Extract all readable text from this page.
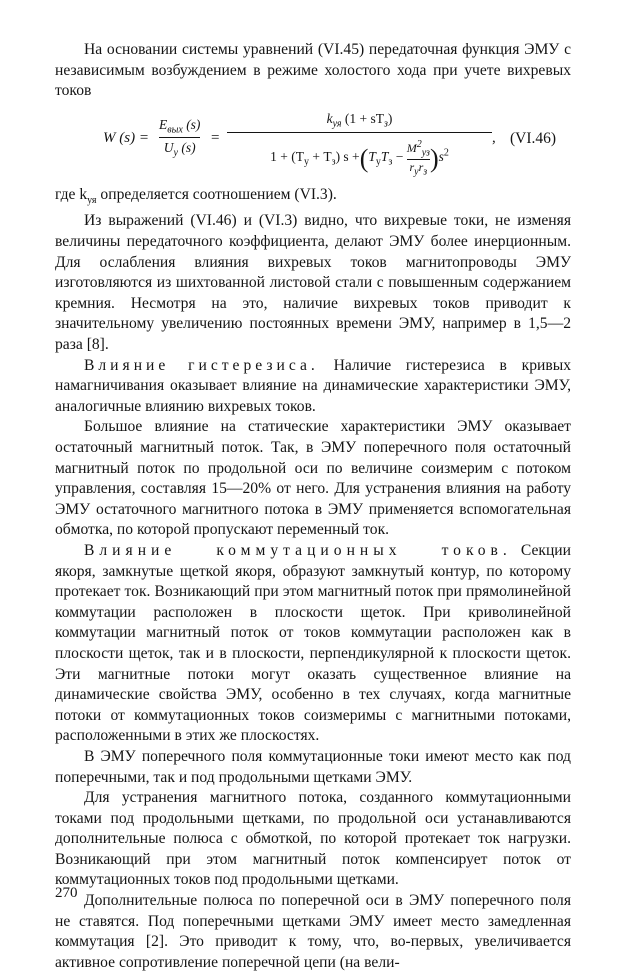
На основании системы уравнений (VI.45) передаточная функция ЭМУ с независимым возбуждением в режиме холостого хода при учете вихревых токов

W (s) =
$E_{вых}$ (s)
$U_у$ (s)
=
$k_{уя}$ $(1 + sT_з)$
$1 + (T_у + T_з)$ $s +(T_уT_з$ −
$M^2_{уз}$
$r_уr_з$ )$s^2$
, (VI.46)

где $k_{уя}$ определяется соотношением (VI.3).

Из выражений (VI.46) и (VI.3) видно, что вихревые токи, не изменяя величины передаточного коэффициента, делают ЭМУ более инерционным. Для ослабления влияния вихревых токов магнитопроводы ЭМУ изготовляются из шихтованной листовой стали с повышенным содержанием кремния. Несмотря на это, наличие вихревых токов приводит к значительному увеличению постоянных времени ЭМУ, например в 1,5—2 раза [8].

Влияние гистерезиса. Наличие гистерезиса в кривых намагничивания оказывает влияние на динамические характеристики ЭМУ, аналогичные влиянию вихревых токов.

Большое влияние на статические характеристики ЭМУ оказывает остаточный магнитный поток. Так, в ЭМУ поперечного поля остаточный магнитный поток по продольной оси по величине соизмерим с потоком управления, составляя 15—20% от него. Для устранения влияния на работу ЭМУ остаточного магнитного потока в ЭМУ применяется вспомогательная обмотка, по которой пропускают переменный ток.

Влияние коммутационных токов. Секции якоря, замкнутые щеткой якоря, образуют замкнутый контур, по которому протекает ток. Возникающий при этом магнитный поток при прямолинейной коммутации расположен в плоскости щеток. При криволинейной коммутации магнитный поток от токов коммутации расположен как в плоскости щеток, так и в плоскости, перпендикулярной к плоскости щеток. Эти магнитные потоки могут оказать существенное влияние на динамические свойства ЭМУ, особенно в тех случаях, когда магнитные потоки от коммутационных токов соизмеримы с магнитными потоками, расположенными в этих же плоскостях.

В ЭМУ поперечного поля коммутационные токи имеют место как под поперечными, так и под продольными щетками ЭМУ.

Для устранения магнитного потока, созданного коммутационными токами под продольными щетками, по продольной оси устанавливаются дополнительные полюса с обмоткой, по которой протекает ток нагрузки. Возникающий при этом магнитный поток компенсирует поток от коммутационных токов под продольными щетками.

Дополнительные полюса по поперечной оси в ЭМУ поперечного поля не ставятся. Под поперечными щетками ЭМУ имеет место замедленная коммутация [2]. Это приводит к тому, что, во-первых, увеличивается активное сопротивление поперечной цепи (на вели-

270
